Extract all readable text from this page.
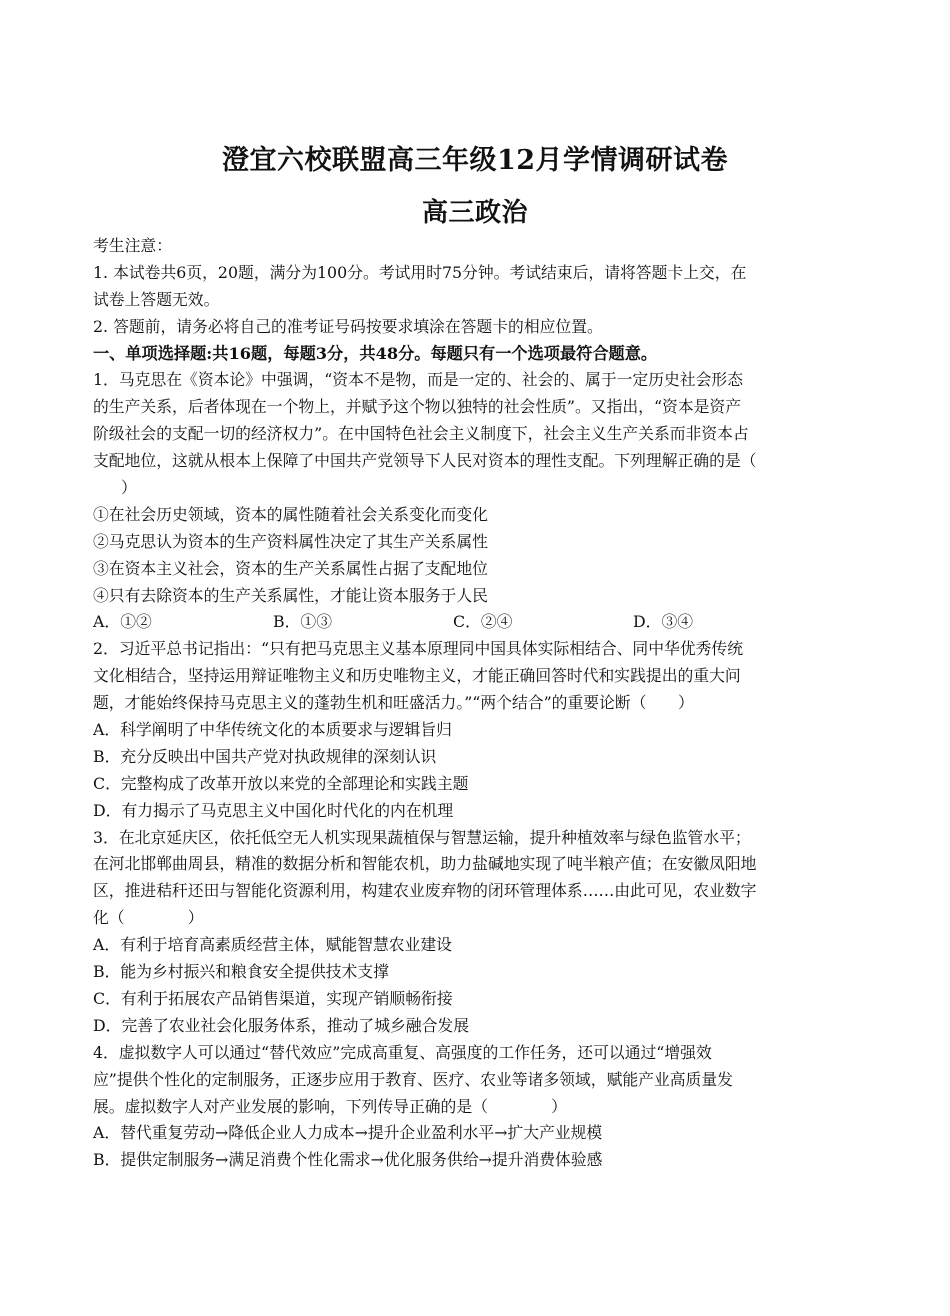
澄宜六校联盟高三年级12月学情调研试卷
高三政治
考生注意：
1. 本试卷共6页，20题，满分为100分。考试用时75分钟。考试结束后，请将答题卡上交，在
试卷上答题无效。
2. 答题前，请务必将自己的准考证号码按要求填涂在答题卡的相应位置。
一、单项选择题:共16题，每题3分，共48分。每题只有一个选项最符合题意。
1．马克思在《资本论》中强调，“资本不是物，而是一定的、社会的、属于一定历史社会形态
的生产关系，后者体现在一个物上，并赋予这个物以独特的社会性质”。又指出，“资本是资产
阶级社会的支配一切的经济权力”。在中国特色社会主义制度下，社会主义生产关系而非资本占
支配地位，这就从根本上保障了中国共产党领导下人民对资本的理性支配。下列理解正确的是（
）
①在社会历史领域，资本的属性随着社会关系变化而变化
②马克思认为资本的生产资料属性决定了其生产关系属性
③在资本主义社会，资本的生产关系属性占据了支配地位
④只有去除资本的生产关系属性，才能让资本服务于人民
A．①②	B．①③	C．②④	D．③④
2．习近平总书记指出：“只有把马克思主义基本原理同中国具体实际相结合、同中华优秀传统
文化相结合，坚持运用辩证唯物主义和历史唯物主义，才能正确回答时代和实践提出的重大问
题，才能始终保持马克思主义的蓬勃生机和旺盛活力。”“两个结合”的重要论断（　　）
A．科学阐明了中华传统文化的本质要求与逻辑旨归
B．充分反映出中国共产党对执政规律的深刻认识
C．完整构成了改革开放以来党的全部理论和实践主题
D．有力揭示了马克思主义中国化时代化的内在机理
3．在北京延庆区，依托低空无人机实现果蔬植保与智慧运输，提升种植效率与绿色监管水平；
在河北邯郸曲周县，精准的数据分析和智能农机，助力盐碱地实现了吨半粮产值；在安徽凤阳地
区，推进秸秆还田与智能化资源利用，构建农业废弃物的闭环管理体系……由此可见，农业数字
化（　　　　）
A．有利于培育高素质经营主体，赋能智慧农业建设
B．能为乡村振兴和粮食安全提供技术支撑
C．有利于拓展农产品销售渠道，实现产销顺畅衔接
D．完善了农业社会化服务体系，推动了城乡融合发展
4．虚拟数字人可以通过“替代效应”完成高重复、高强度的工作任务，还可以通过“增强效
应”提供个性化的定制服务，正逐步应用于教育、医疗、农业等诸多领域，赋能产业高质量发
展。虚拟数字人对产业发展的影响，下列传导正确的是（　　　　）
A．替代重复劳动→降低企业人力成本→提升企业盈利水平→扩大产业规模
B．提供定制服务→满足消费个性化需求→优化服务供给→提升消费体验感
